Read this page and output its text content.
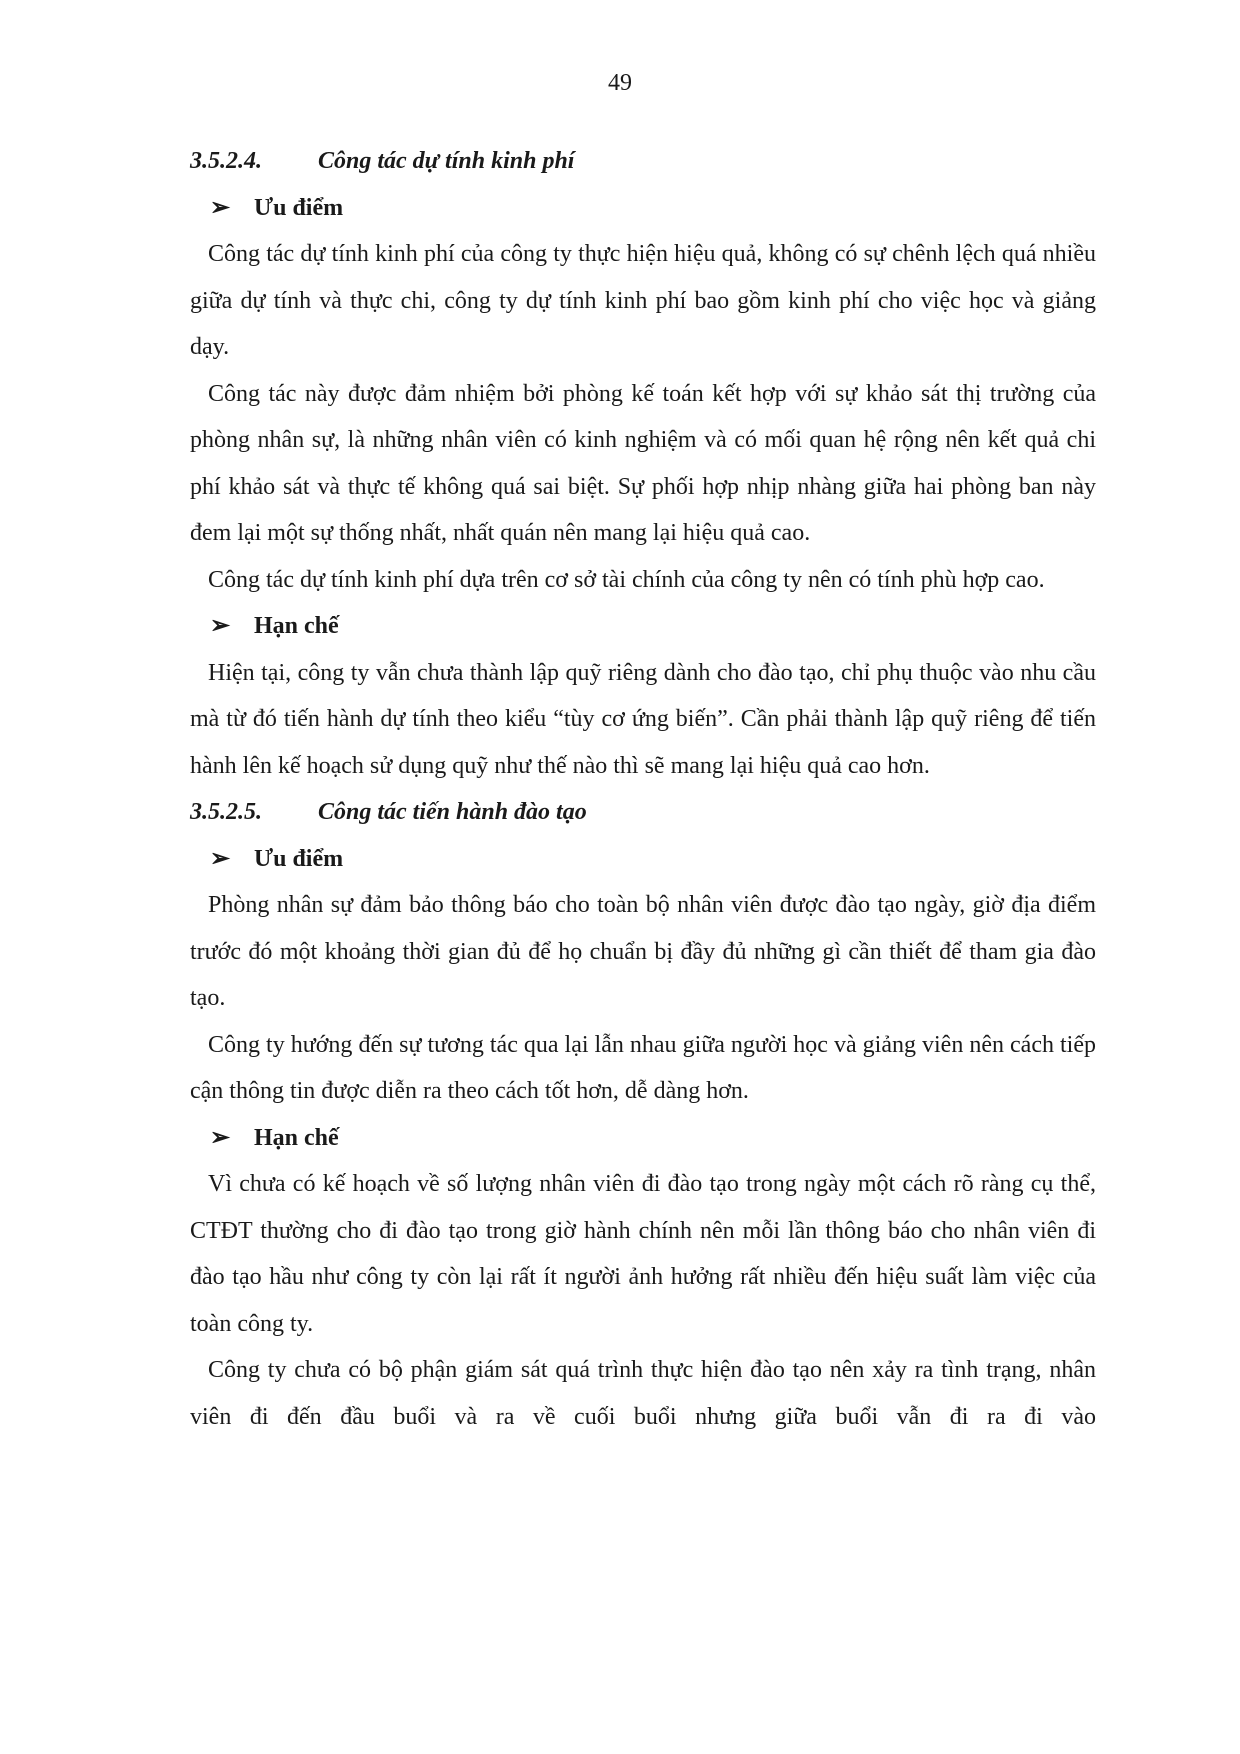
49
3.5.2.4. Công tác dự tính kinh phí
➢ Ưu điểm

Công tác dự tính kinh phí của công ty thực hiện hiệu quả, không có sự chênh lệch quá nhiều giữa dự tính và thực chi, công ty dự tính kinh phí bao gồm kinh phí cho việc học và giảng dạy.

Công tác này được đảm nhiệm bởi phòng kế toán kết hợp với sự khảo sát thị trường của phòng nhân sự, là những nhân viên có kinh nghiệm và có mối quan hệ rộng nên kết quả chi phí khảo sát và thực tế không quá sai biệt. Sự phối hợp nhịp nhàng giữa hai phòng ban này đem lại một sự thống nhất, nhất quán nên mang lại hiệu quả cao.

Công tác dự tính kinh phí dựa trên cơ sở tài chính của công ty nên có tính phù hợp cao.

➢ Hạn chế

Hiện tại, công ty vẫn chưa thành lập quỹ riêng dành cho đào tạo, chỉ phụ thuộc vào nhu cầu mà từ đó tiến hành dự tính theo kiểu “tùy cơ ứng biến”. Cần phải thành lập quỹ riêng để tiến hành lên kế hoạch sử dụng quỹ như thế nào thì sẽ mang lại hiệu quả cao hơn.

3.5.2.5. Công tác tiến hành đào tạo
➢ Ưu điểm

Phòng nhân sự đảm bảo thông báo cho toàn bộ nhân viên được đào tạo ngày, giờ địa điểm trước đó một khoảng thời gian đủ để họ chuẩn bị đầy đủ những gì cần thiết để tham gia đào tạo.

Công ty hướng đến sự tương tác qua lại lẫn nhau giữa người học và giảng viên nên cách tiếp cận thông tin được diễn ra theo cách tốt hơn, dễ dàng hơn.

➢ Hạn chế

Vì chưa có kế hoạch về số lượng nhân viên đi đào tạo trong ngày một cách rõ ràng cụ thể, CTĐT thường cho đi đào tạo trong giờ hành chính nên mỗi lần thông báo cho nhân viên đi đào tạo hầu như công ty còn lại rất ít người ảnh hưởng rất nhiều đến hiệu suất làm việc của toàn công ty.

Công ty chưa có bộ phận giám sát quá trình thực hiện đào tạo nên xảy ra tình trạng, nhân viên đi đến đầu buổi và ra về cuối buổi nhưng giữa buổi vẫn đi ra đi vào
